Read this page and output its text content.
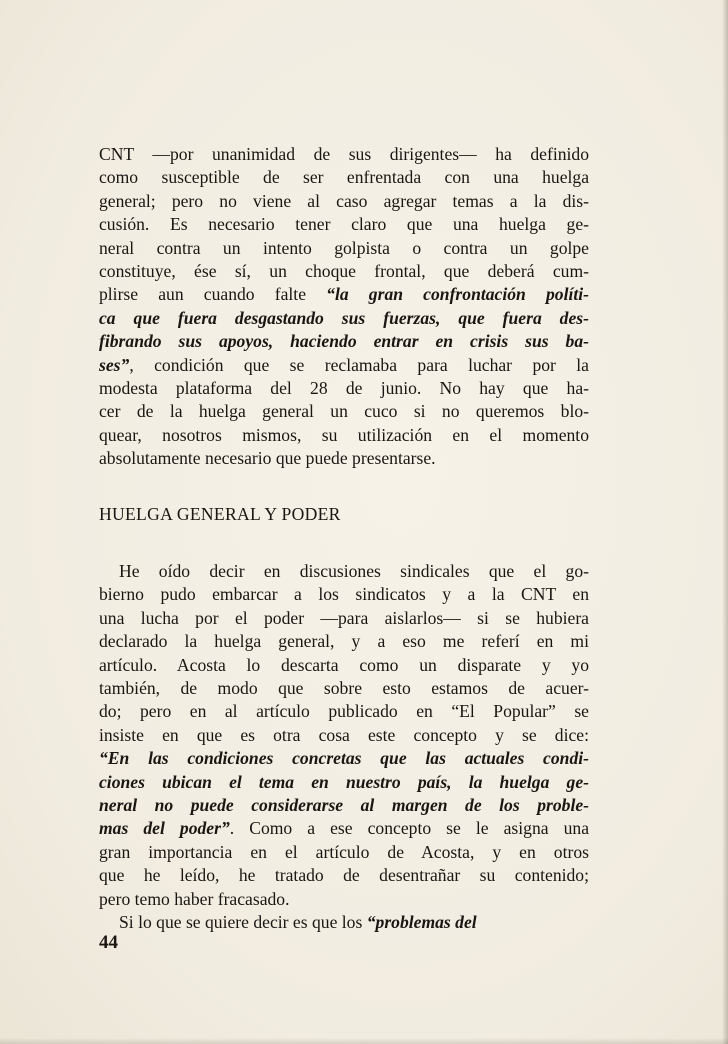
CNT —por unanimidad de sus dirigentes— ha definido
como susceptible de ser enfrentada con una huelga
general; pero no viene al caso agregar temas a la dis-
cusión. Es necesario tener claro que una huelga ge-
neral contra un intento golpista o contra un golpe
constituye, ése sí, un choque frontal, que deberá cum-
plirse aun cuando falte “la gran confrontación políti-
ca que fuera desgastando sus fuerzas, que fuera des-
fibrando sus apoyos, haciendo entrar en crisis sus ba-
ses”, condición que se reclamaba para luchar por la
modesta plataforma del 28 de junio. No hay que ha-
cer de la huelga general un cuco si no queremos blo-
quear, nosotros mismos, su utilización en el momento
absolutamente necesario que puede presentarse.
HUELGA GENERAL Y PODER
He oído decir en discusiones sindicales que el go-
bierno pudo embarcar a los sindicatos y a la CNT en
una lucha por el poder —para aislarlos— si se hubiera
declarado la huelga general, y a eso me referí en mi
artículo. Acosta lo descarta como un disparate y yo
también, de modo que sobre esto estamos de acuer-
do; pero en al artículo publicado en “El Popular” se
insiste en que es otra cosa este concepto y se dice:
“En las condiciones concretas que las actuales condi-
ciones ubican el tema en nuestro país, la huelga ge-
neral no puede considerarse al margen de los proble-
mas del poder”. Como a ese concepto se le asigna una
gran importancia en el artículo de Acosta, y en otros
que he leído, he tratado de desentrañar su contenido;
pero temo haber fracasado.
Si lo que se quiere decir es que los “problemas del
44
